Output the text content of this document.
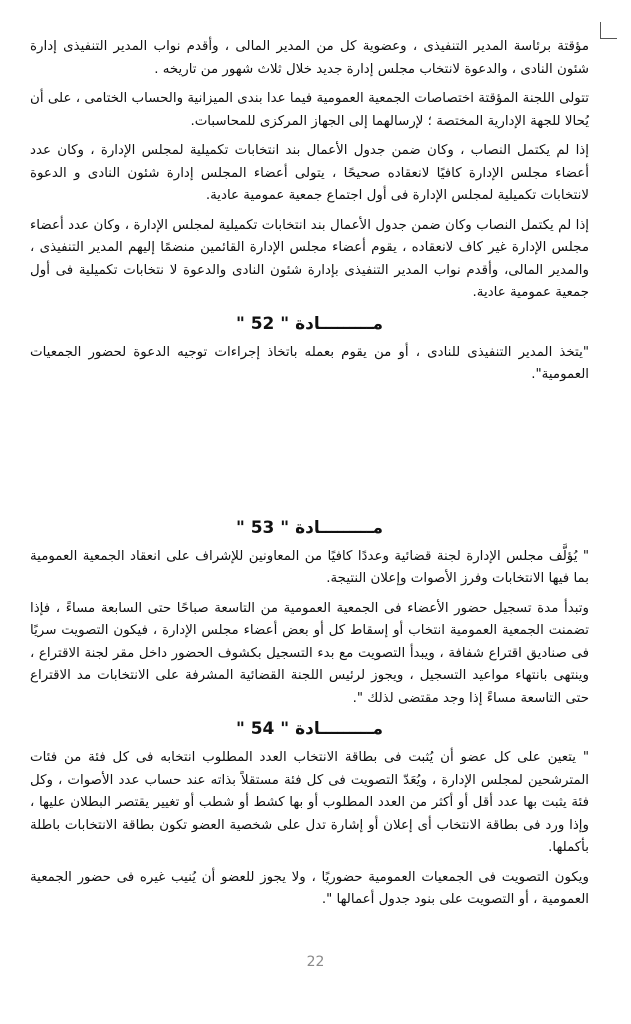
مؤقتة برئاسة المدير التنفيذى ، وعضوية كل من المدير المالى ، وأقدم نواب المدير التنفيذى إدارة شئون النادى ، والدعوة لانتخاب مجلس إدارة جديد خلال ثلاث شهور من تاريخه .

تتولى اللجنة المؤقتة اختصاصات الجمعية العمومية فيما عدا بندى الميزانية والحساب الختامى ، على أن يُحالا للجهة الإدارية المختصة ؛ لإرسالهما إلى الجهاز المركزى للمحاسبات.

إذا لم يكتمل النصاب ، وكان ضمن جدول الأعمال بند انتخابات تكميلية لمجلس الإدارة ، وكان عدد أعضاء مجلس الإدارة كافيًا لانعقاده صحيحًا ، يتولى أعضاء المجلس إدارة شئون النادى و الدعوة لانتخابات تكميلية لمجلس الإدارة فى أول اجتماع جمعية عمومية عادية.

إذا لم يكتمل النصاب وكان ضمن جدول الأعمال بند انتخابات تكميلية لمجلس الإدارة ، وكان عدد أعضاء مجلس الإدارة غير كاف لانعقاده ، يقوم أعضاء مجلس الإدارة القائمين منضمًا إليهم المدير التنفيذى ، والمدير المالى، وأقدم نواب المدير التنفيذى بإدارة شئون النادى والدعوة لا نتخابات تكميلية فى أول جمعية عمومية عادية.

مـــــــــادة " 52 "

"يتخذ المدير التنفيذى للنادى ، أو من يقوم بعمله باتخاذ إجراءات توجيه الدعوة لحضور الجمعيات العمومية".

مـــــــــادة " 53 "

" يُؤلَّف مجلس الإدارة لجنة قضائية وعددًا كافيًا من المعاونين للإشراف على انعقاد الجمعية العمومية بما فيها الانتخابات وفرز الأصوات وإعلان النتيجة.

وتبدأ مدة تسجيل حضور الأعضاء فى الجمعية العمومية من التاسعة صباحًا حتى السابعة مساءً ، فإذا تضمنت الجمعية العمومية انتخاب أو إسقاط كل أو بعض أعضاء مجلس الإدارة ، فيكون التصويت سريًا فى صناديق اقتراع شفافة ، ويبدأ التصويت مع بدء التسجيل بكشوف الحضور داخل مقر لجنة الاقتراع ، وينتهى بانتهاء مواعيد التسجيل ، ويجوز لرئيس اللجنة القضائية المشرفة على الانتخابات مد الاقتراع حتى التاسعة مساءً إذا وجد مقتضى لذلك ".

مـــــــــادة " 54 "

" يتعين على كل عضو أن يُثبت فى بطاقة الانتخاب العدد المطلوب انتخابه فى كل فئة من فئات المترشحين لمجلس الإدارة ، ويُعَدّ التصويت فى كل فئة مستقلاً بذاته عند حساب عدد الأصوات ، وكل فئة يثبت بها عدد أقل أو أكثر من العدد المطلوب أو بها كشط أو شطب أو تغيير يقتصر البطلان عليها ، وإذا ورد فى بطاقة الانتخاب أى إعلان أو إشارة تدل على شخصية العضو تكون بطاقة الانتخابات باطلة بأكملها.

ويكون التصويت فى الجمعيات العمومية حضوريًا ، ولا يجوز للعضو أن يُنيب غيره فى حضور الجمعية العمومية ، أو التصويت على بنود جدول أعمالها ".

22
